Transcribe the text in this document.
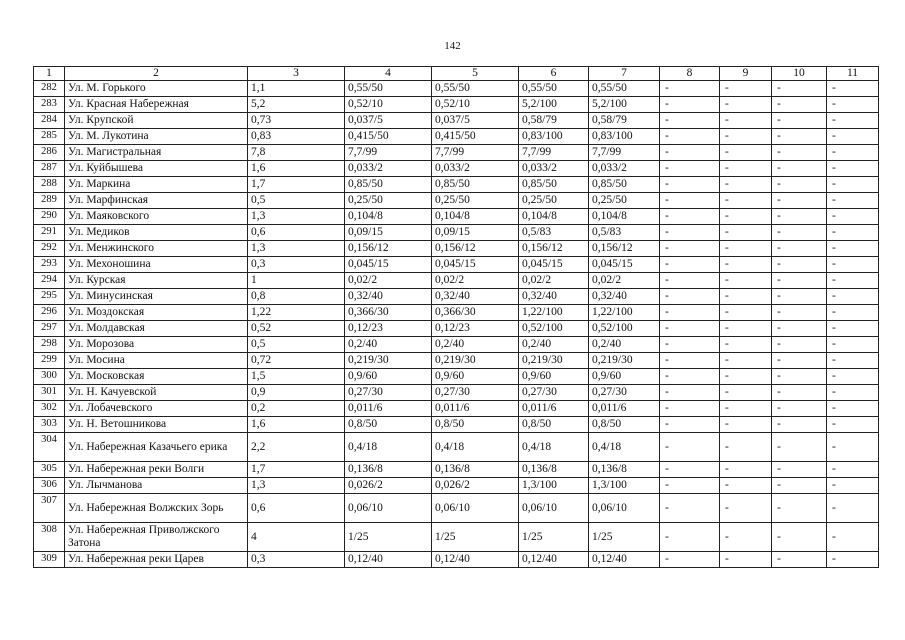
142
1	2	3	4	5	6	7	8	9	10	11
282	Ул. М. Горького	1,1	0,55/50	0,55/50	0,55/50	0,55/50	-	-	-	-
283	Ул. Красная Набережная	5,2	0,52/10	0,52/10	5,2/100	5,2/100	-	-	-	-
284	Ул. Крупской	0,73	0,037/5	0,037/5	0,58/79	0,58/79	-	-	-	-
285	Ул. М. Лукотина	0,83	0,415/50	0,415/50	0,83/100	0,83/100	-	-	-	-
286	Ул. Магистральная	7,8	7,7/99	7,7/99	7,7/99	7,7/99	-	-	-	-
287	Ул. Куйбышева	1,6	0,033/2	0,033/2	0,033/2	0,033/2	-	-	-	-
288	Ул. Маркина	1,7	0,85/50	0,85/50	0,85/50	0,85/50	-	-	-	-
289	Ул. Марфинская	0,5	0,25/50	0,25/50	0,25/50	0,25/50	-	-	-	-
290	Ул. Маяковского	1,3	0,104/8	0,104/8	0,104/8	0,104/8	-	-	-	-
291	Ул. Медиков	0,6	0,09/15	0,09/15	0,5/83	0,5/83	-	-	-	-
292	Ул. Менжинского	1,3	0,156/12	0,156/12	0,156/12	0,156/12	-	-	-	-
293	Ул. Мехоношина	0,3	0,045/15	0,045/15	0,045/15	0,045/15	-	-	-	-
294	Ул. Курская	1	0,02/2	0,02/2	0,02/2	0,02/2	-	-	-	-
295	Ул. Минусинская	0,8	0,32/40	0,32/40	0,32/40	0,32/40	-	-	-	-
296	Ул. Моздокская	1,22	0,366/30	0,366/30	1,22/100	1,22/100	-	-	-	-
297	Ул. Молдавская	0,52	0,12/23	0,12/23	0,52/100	0,52/100	-	-	-	-
298	Ул. Морозова	0,5	0,2/40	0,2/40	0,2/40	0,2/40	-	-	-	-
299	Ул. Мосина	0,72	0,219/30	0,219/30	0,219/30	0,219/30	-	-	-	-
300	Ул. Московская	1,5	0,9/60	0,9/60	0,9/60	0,9/60	-	-	-	-
301	Ул. Н. Качуевской	0,9	0,27/30	0,27/30	0,27/30	0,27/30	-	-	-	-
302	Ул. Лобачевского	0,2	0,011/6	0,011/6	0,011/6	0,011/6	-	-	-	-
303	Ул. Н. Ветошникова	1,6	0,8/50	0,8/50	0,8/50	0,8/50	-	-	-	-
304	Ул. Набережная Казачьего ерика	2,2	0,4/18	0,4/18	0,4/18	0,4/18	-	-	-	-
305	Ул. Набережная реки Волги	1,7	0,136/8	0,136/8	0,136/8	0,136/8	-	-	-	-
306	Ул. Лычманова	1,3	0,026/2	0,026/2	1,3/100	1,3/100	-	-	-	-
307	Ул. Набережная Волжских Зорь	0,6	0,06/10	0,06/10	0,06/10	0,06/10	-	-	-	-
308	Ул. Набережная Приволжского Затона	4	1/25	1/25	1/25	1/25	-	-	-	-
309	Ул. Набережная реки Царев	0,3	0,12/40	0,12/40	0,12/40	0,12/40	-	-	-	-
